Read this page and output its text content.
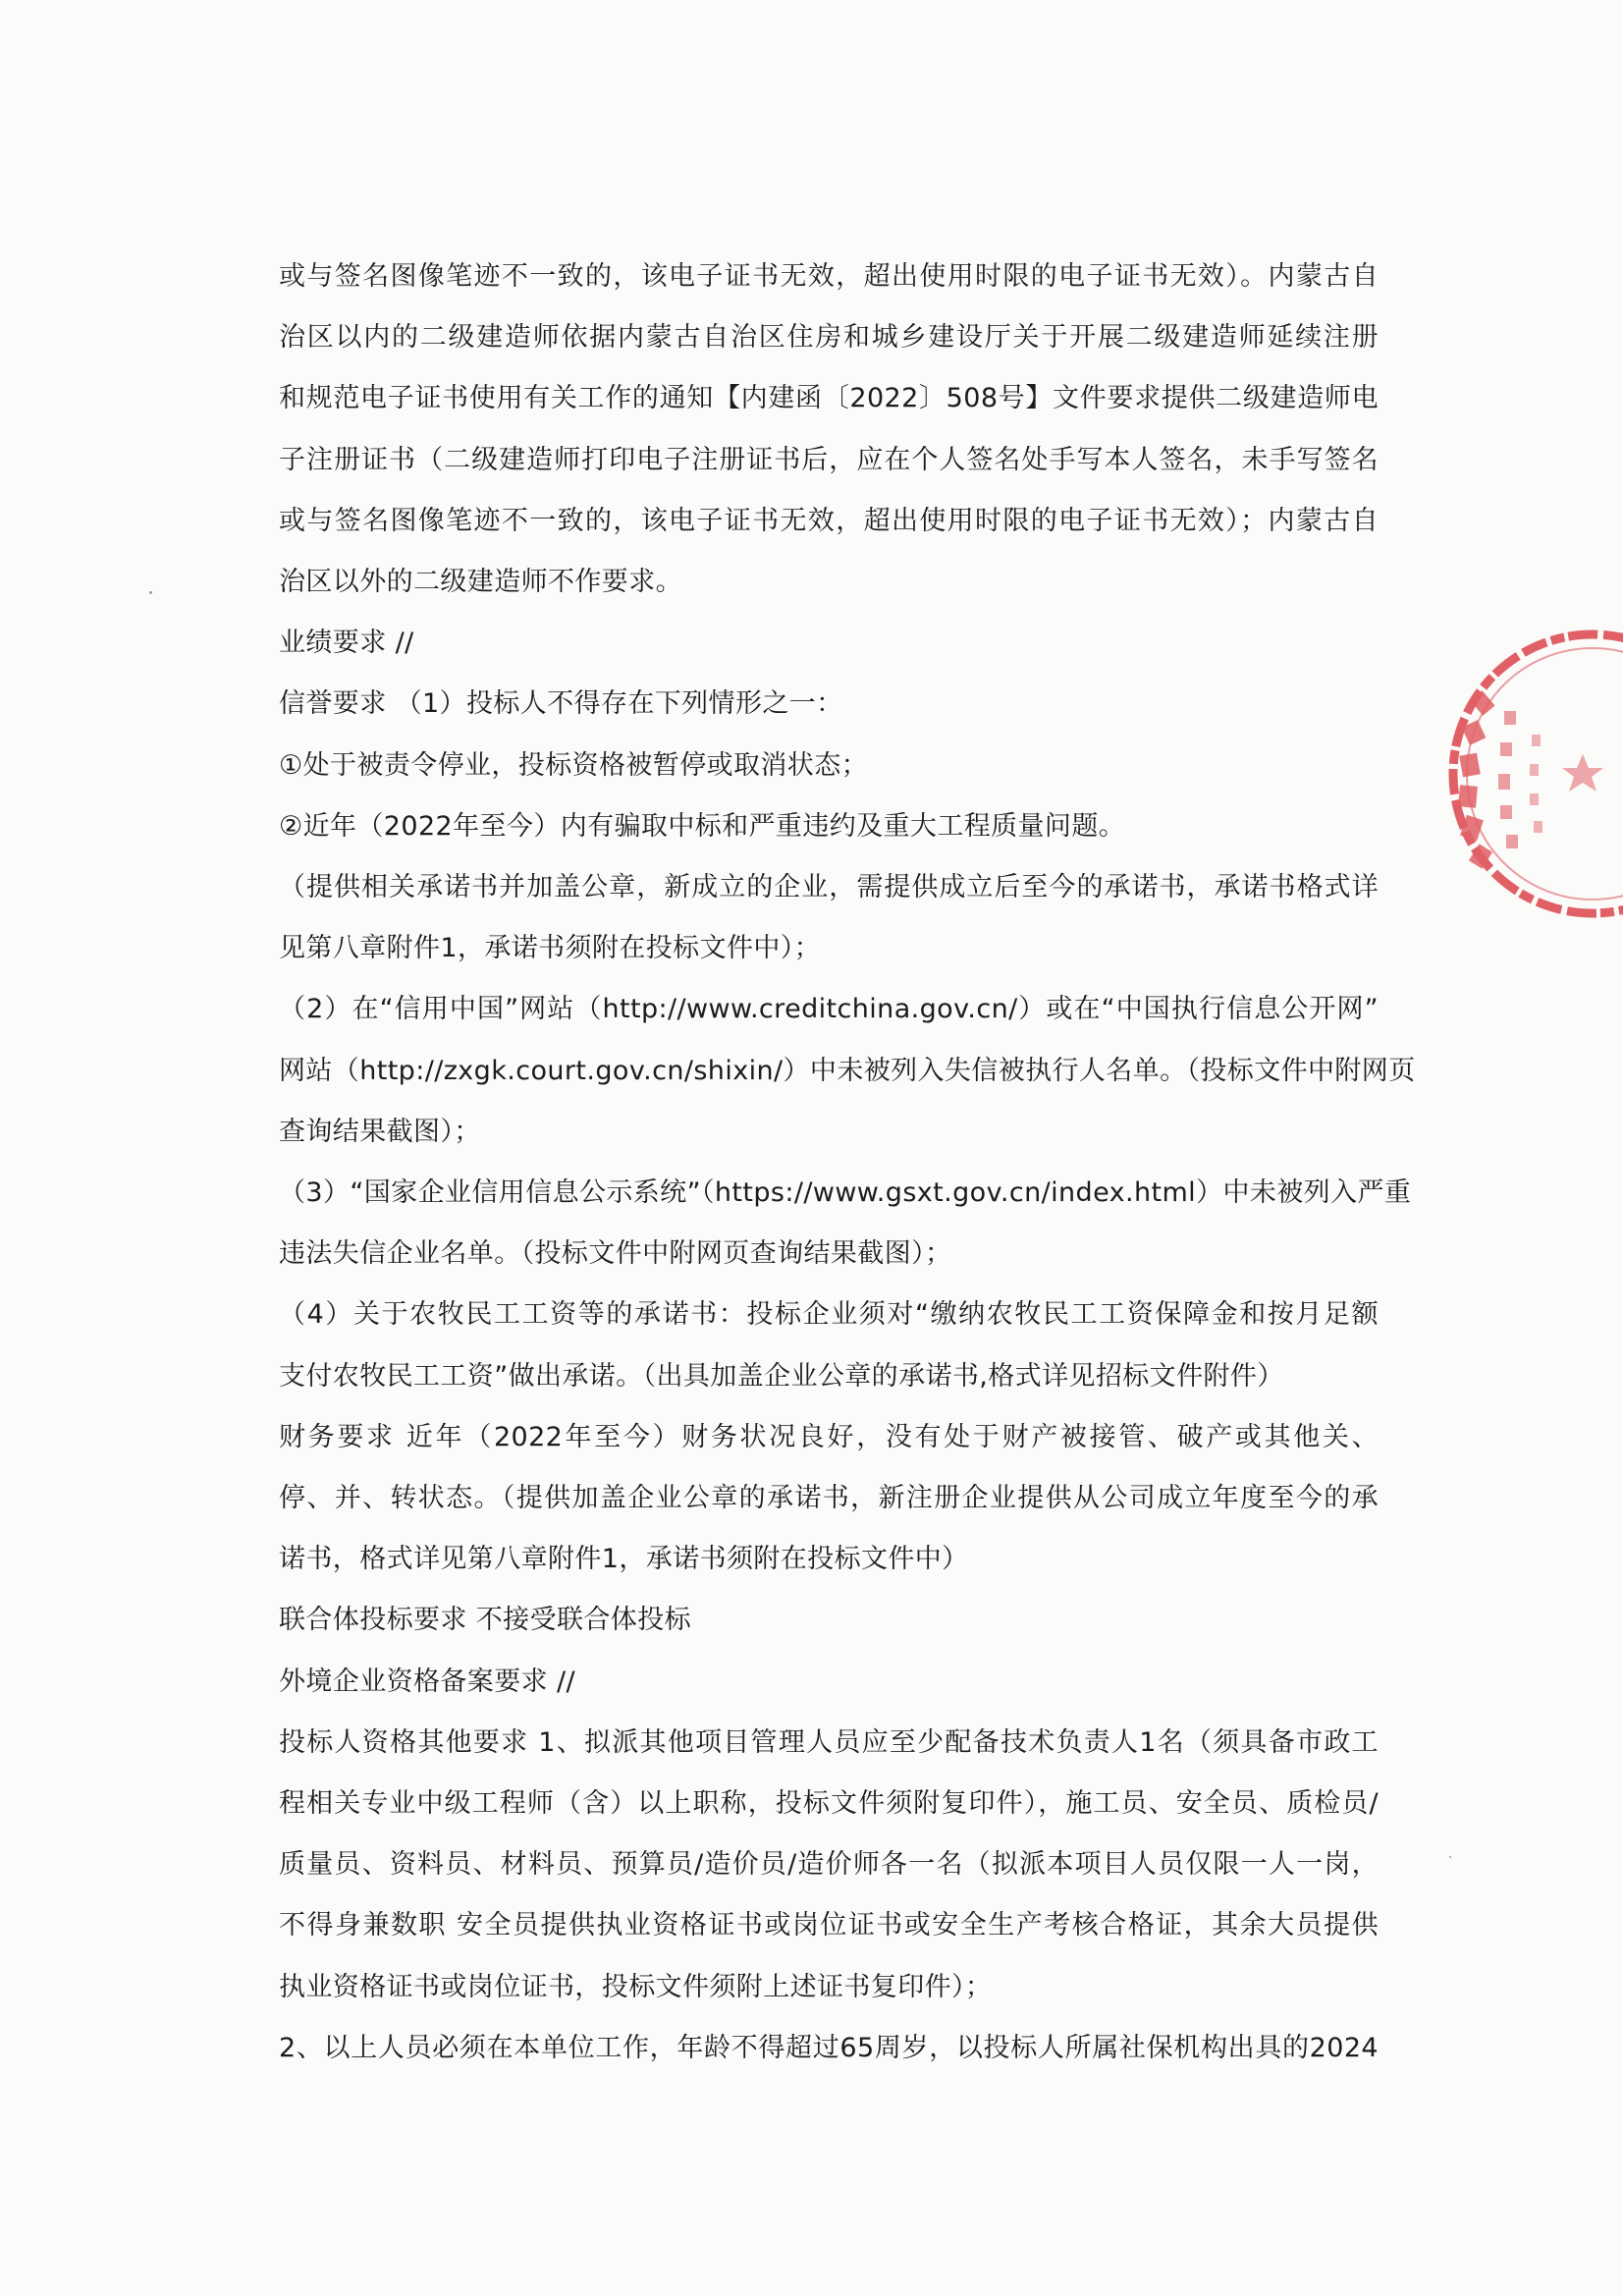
或与签名图像笔迹不一致的，该电子证书无效，超出使用时限的电子证书无效）。内蒙古自
治区以内的二级建造师依据内蒙古自治区住房和城乡建设厅关于开展二级建造师延续注册
和规范电子证书使用有关工作的通知【内建函〔2022〕508号】文件要求提供二级建造师电
子注册证书（二级建造师打印电子注册证书后，应在个人签名处手写本人签名，未手写签名
或与签名图像笔迹不一致的，该电子证书无效，超出使用时限的电子证书无效）；内蒙古自
治区以外的二级建造师不作要求。
业绩要求 //
信誉要求 （1）投标人不得存在下列情形之一：
①处于被责令停业，投标资格被暂停或取消状态；
②近年（2022年至今）内有骗取中标和严重违约及重大工程质量问题。
（提供相关承诺书并加盖公章，新成立的企业，需提供成立后至今的承诺书，承诺书格式详
见第八章附件1，承诺书须附在投标文件中）；
（2）在“信用中国”网站（http://www.creditchina.gov.cn/）或在“中国执行信息公开网”
网站（http://zxgk.court.gov.cn/shixin/）中未被列入失信被执行人名单。（投标文件中附网页
查询结果截图）；
（3）“国家企业信用信息公示系统”（https://www.gsxt.gov.cn/index.html）中未被列入严重
违法失信企业名单。（投标文件中附网页查询结果截图）；
（4）关于农牧民工工资等的承诺书：投标企业须对“缴纳农牧民工工资保障金和按月足额
支付农牧民工工资”做出承诺。（出具加盖企业公章的承诺书,格式详见招标文件附件）
财务要求 近年（2022年至今）财务状况良好，没有处于财产被接管、破产或其他关、
停、并、转状态。（提供加盖企业公章的承诺书，新注册企业提供从公司成立年度至今的承
诺书，格式详见第八章附件1，承诺书须附在投标文件中）
联合体投标要求 不接受联合体投标
外境企业资格备案要求 //
投标人资格其他要求 1、拟派其他项目管理人员应至少配备技术负责人1名（须具备市政工
程相关专业中级工程师（含）以上职称，投标文件须附复印件），施工员、安全员、质检员/
质量员、资料员、材料员、预算员/造价员/造价师各一名（拟派本项目人员仅限一人一岗，
不得身兼数职 安全员提供执业资格证书或岗位证书或安全生产考核合格证，其余大员提供
执业资格证书或岗位证书，投标文件须附上述证书复印件）；
2、以上人员必须在本单位工作，年龄不得超过65周岁，以投标人所属社保机构出具的2024
